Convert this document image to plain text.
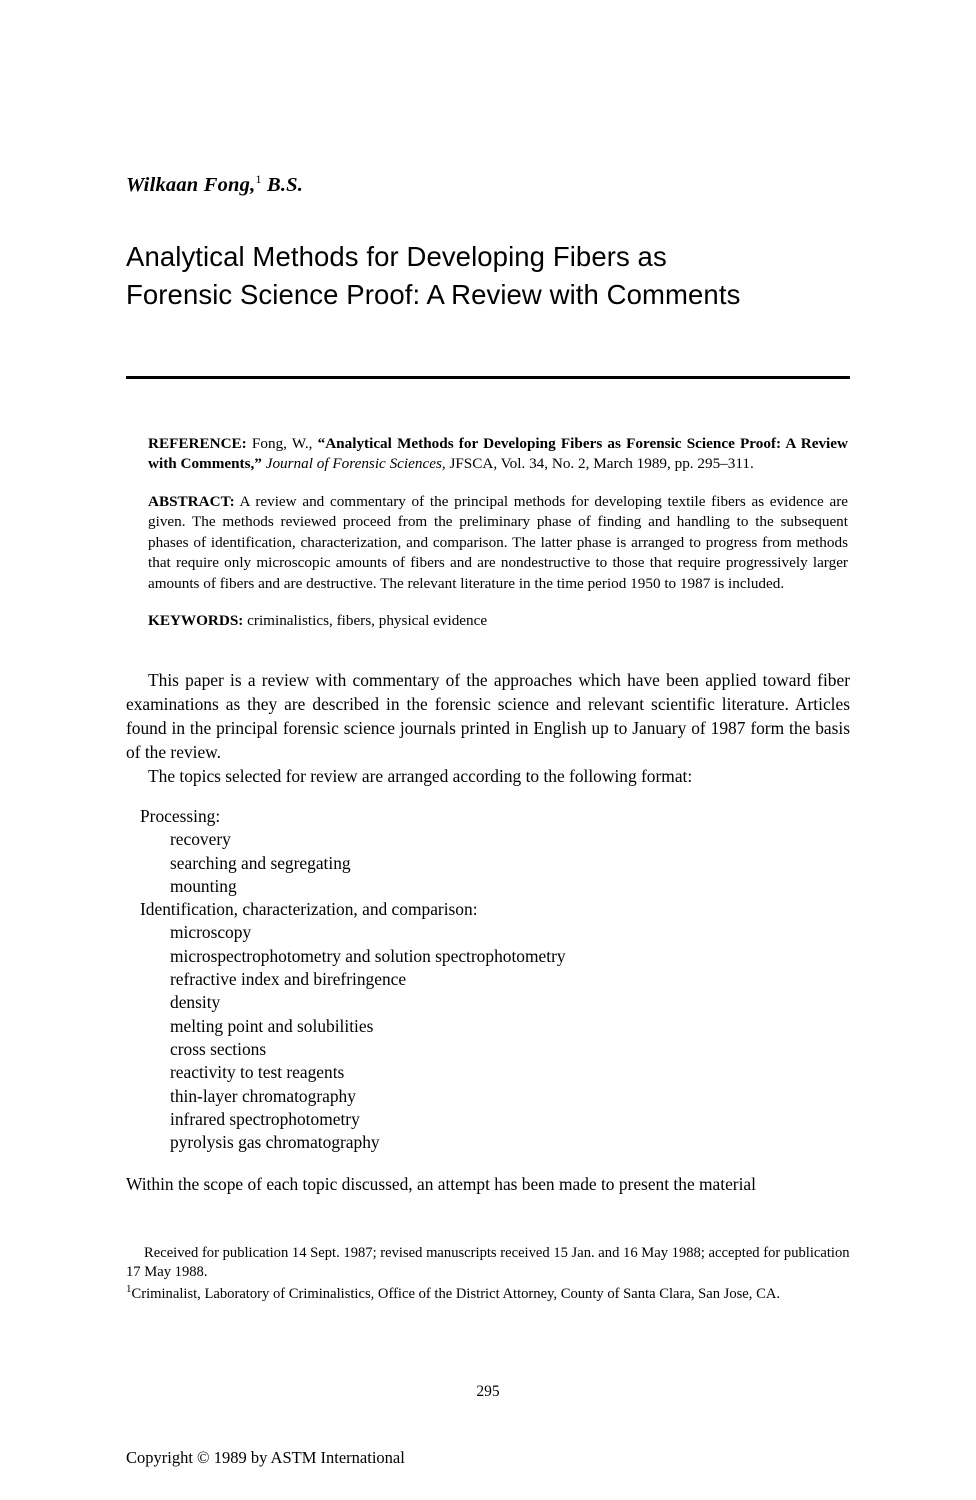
Wilkaan Fong,$^1$ B.S.
Analytical Methods for Developing Fibers as
Forensic Science Proof: A Review with Comments

REFERENCE: Fong, W., “Analytical Methods for Developing Fibers as Forensic Science Proof: A Review with Comments,” Journal of Forensic Sciences, JFSCA, Vol. 34, No. 2, March 1989, pp. 295–311.

ABSTRACT: A review and commentary of the principal methods for developing textile fibers as evidence are given. The methods reviewed proceed from the preliminary phase of finding and handling to the subsequent phases of identification, characterization, and comparison. The latter phase is arranged to progress from methods that require only microscopic amounts of fibers and are nondestructive to those that require progressively larger amounts of fibers and are destructive. The relevant literature in the time period 1950 to 1987 is included.

KEYWORDS: criminalistics, fibers, physical evidence

This paper is a review with commentary of the approaches which have been applied toward fiber examinations as they are described in the forensic science and relevant scientific literature. Articles found in the principal forensic science journals printed in English up to January of 1987 form the basis of the review.

The topics selected for review are arranged according to the following format:

Processing:
recovery
searching and segregating
mounting
Identification, characterization, and comparison:
microscopy
microspectrophotometry and solution spectrophotometry
refractive index and birefringence
density
melting point and solubilities
cross sections
reactivity to test reagents
thin-layer chromatography
infrared spectrophotometry
pyrolysis gas chromatography
Within the scope of each topic discussed, an attempt has been made to present the material

Received for publication 14 Sept. 1987; revised manuscripts received 15 Jan. and 16 May 1988; accepted for publication 17 May 1988.

$^1$Criminalist, Laboratory of Criminalistics, Office of the District Attorney, County of Santa Clara, San Jose, CA.

295
Copyright © 1989 by ASTM International
